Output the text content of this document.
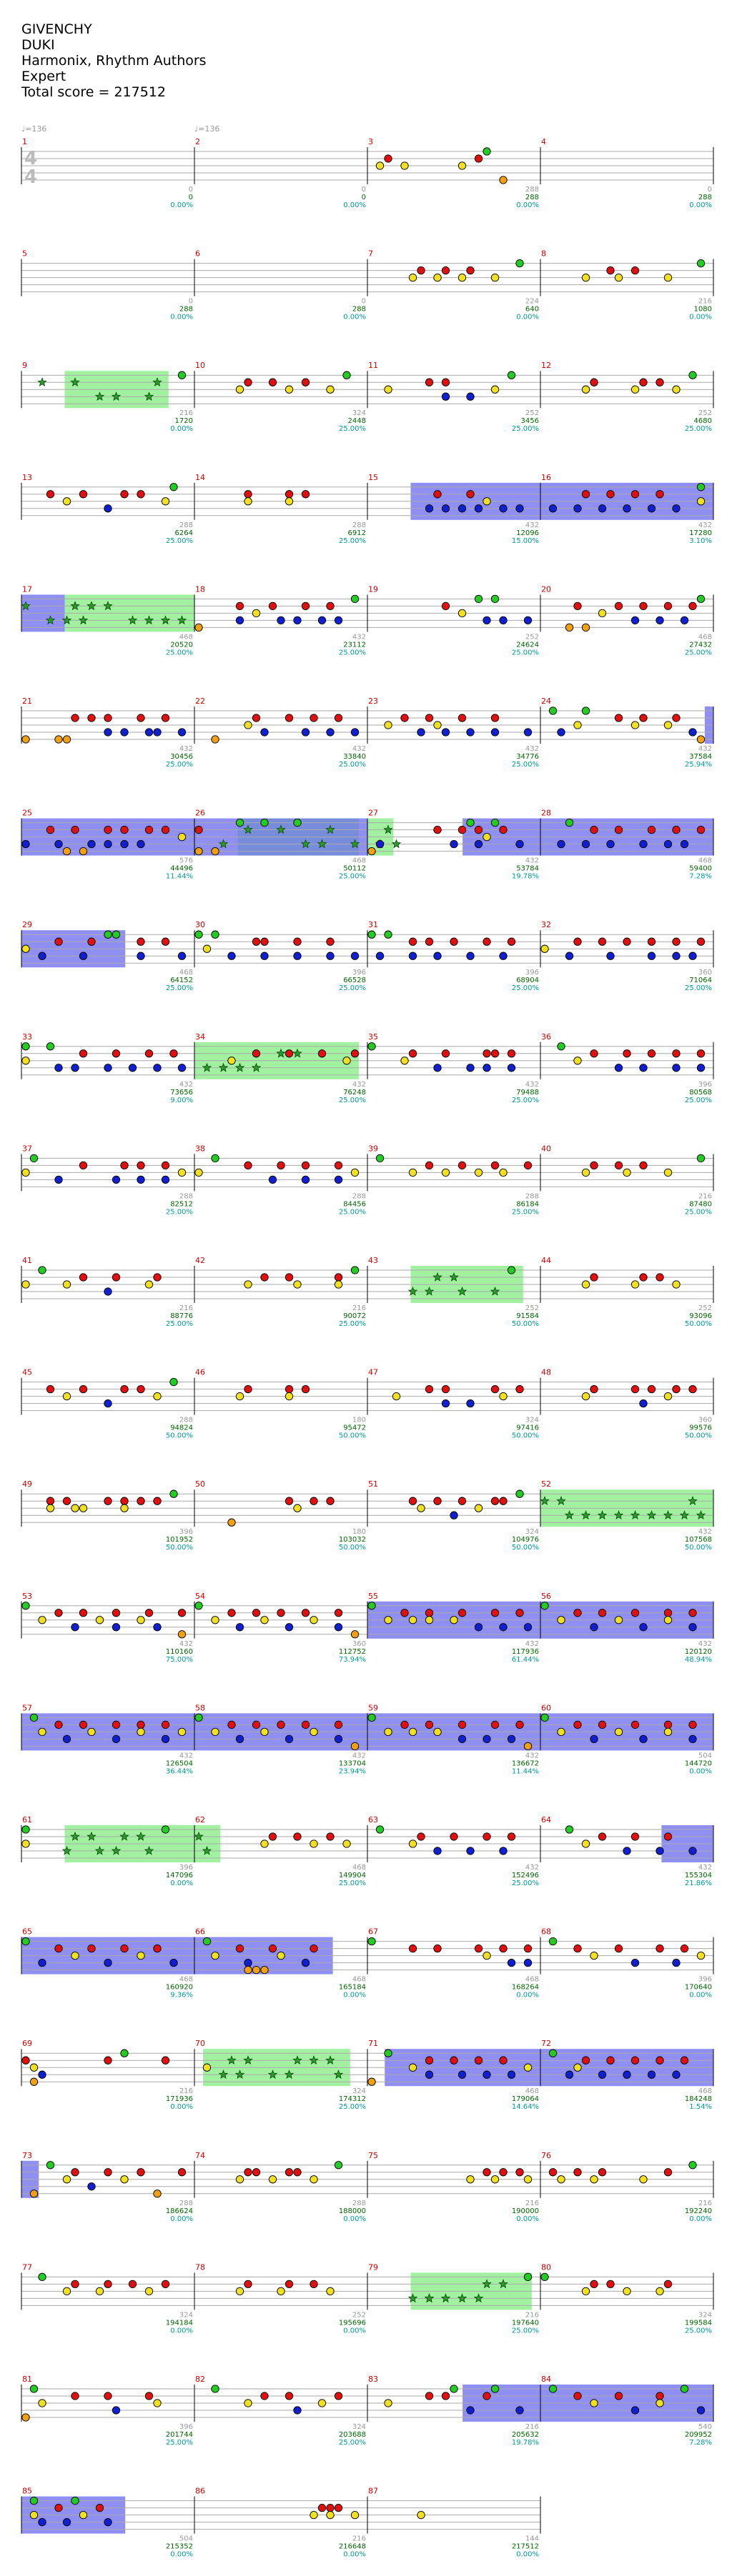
GIVENCHY
DUKI
Harmonix, Rhythm Authors
Expert
Total score = 217512
♩=136	♩=136
4
4
1
0
0
0.00%
2
0
0
0.00%
3
288
288
0.00%
4
0
288
0.00%
5
0
288
0.00%
6
0
288
0.00%
7
224
640
0.00%
8
216
1080
0.00%
9
216
1720
0.00%
10
324
2448
25.00%
11
252
3456
25.00%
12
252
4680
25.00%
13
288
6264
25.00%
14
288
6912
25.00%
15
432
12096
15.00%
16
432
17280
3.10%
17
468
20520
25.00%
18
432
23112
25.00%
19
252
24624
25.00%
20
468
27432
25.00%
21
432
30456
25.00%
22
432
33840
25.00%
23
432
34776
25.00%
24
432
37584
25.94%
25
576
44496
11.44%
26
468
50112
25.00%
27
432
53784
19.78%
28
468
59400
7.28%
29
468
64152
25.00%
30
396
66528
25.00%
31
396
68904
25.00%
32
360
71064
25.00%
33
432
73656
9.00%
34
432
76248
25.00%
35
432
79488
25.00%
36
396
80568
25.00%
37
288
82512
25.00%
38
288
84456
25.00%
39
288
86184
25.00%
40
216
87480
25.00%
41
216
88776
25.00%
42
216
90072
25.00%
43
252
91584
50.00%
44
252
93096
50.00%
45
288
94824
50.00%
46
180
95472
50.00%
47
324
97416
50.00%
48
360
99576
50.00%
49
396
101952
50.00%
50
180
103032
50.00%
51
324
104976
50.00%
52
432
107568
50.00%
53
432
110160
75.00%
54
360
112752
73.94%
55
432
117936
61.44%
56
432
120120
48.94%
57
432
126504
36.44%
58
432
133704
23.94%
59
432
136672
11.44%
60
504
144720
0.00%
61
396
147096
0.00%
62
468
149904
25.00%
63
432
152496
25.00%
64
432
155304
21.86%
65
468
160920
9.36%
66
468
165184
0.00%
67
468
168264
0.00%
68
396
170640
0.00%
69
216
171936
0.00%
70
324
174312
25.00%
71
468
179064
14.64%
72
468
184248
1.54%
73
288
186624
0.00%
74
288
188000
0.00%
75
216
190000
0.00%
76
216
192240
0.00%
77
324
194184
0.00%
78
252
195696
0.00%
79
216
197640
25.00%
80
324
199584
25.00%
81
396
201744
25.00%
82
324
203688
25.00%
83
216
205632
19.78%
84
540
209952
7.28%
85
504
215352
0.00%
86
216
216648
0.00%
87
144
217512
0.00%
